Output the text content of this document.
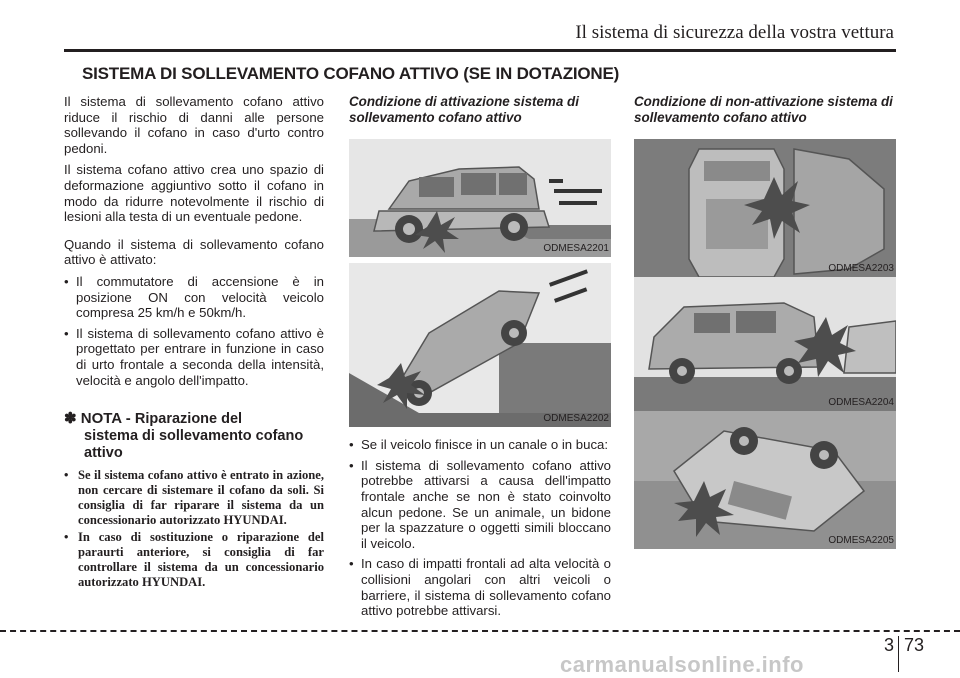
Il sistema di sicurezza della vostra vettura
SISTEMA DI SOLLEVAMENTO COFANO ATTIVO (SE IN DOTAZIONE)

Il sistema di sollevamento cofano attivo riduce il rischio di danni alle persone sollevando il cofano in caso d'urto contro pedoni.

Il sistema cofano attivo crea uno spazio di deformazione aggiuntivo sotto il cofano in modo da ridurre notevolmente il rischio di lesioni alla testa di un eventuale pedone.

Quando il sistema di sollevamento cofano attivo è attivato:

• Il commutatore di accensione è in posizione ON con velocità veicolo compresa 25 km/h e 50km/h.
• Il sistema di sollevamento cofano attivo è progettato per entrare in funzione in caso di urto frontale a seconda della intensità, velocità e angolo dell'impatto.
✽ NOTA - Riparazione del
sistema di sollevamento cofano
attivo
• Se il sistema cofano attivo è entrato in azione, non cercare di sistemare il cofano da soli. Si consiglia di far riparare il sistema da un concessionario autorizzato HYUNDAI.
• In caso di sostituzione o riparazione del paraurti anteriore, si consiglia di far controllare il sistema da un concessionario autorizzato HYUNDAI.
Condizione di attivazione sistema di sollevamento cofano attivo
ODMESA2201
ODMESA2202
• Se il veicolo finisce in un canale o in buca:
• Il sistema di sollevamento cofano attivo potrebbe attivarsi a causa dell'impatto frontale anche se non è stato coinvolto alcun pedone. Se un animale, un bidone per la spazzature o oggetti simili bloccano il veicolo.
• In caso di impatti frontali ad alta velocità o collisioni angolari con altri veicoli o barriere, il sistema di sollevamento cofano attivo potrebbe attivarsi.
Condizione di non-attivazione sistema di sollevamento cofano attivo
ODMESA2203
ODMESA2204
ODMESA2205
3 73
carmanualsonline.info
